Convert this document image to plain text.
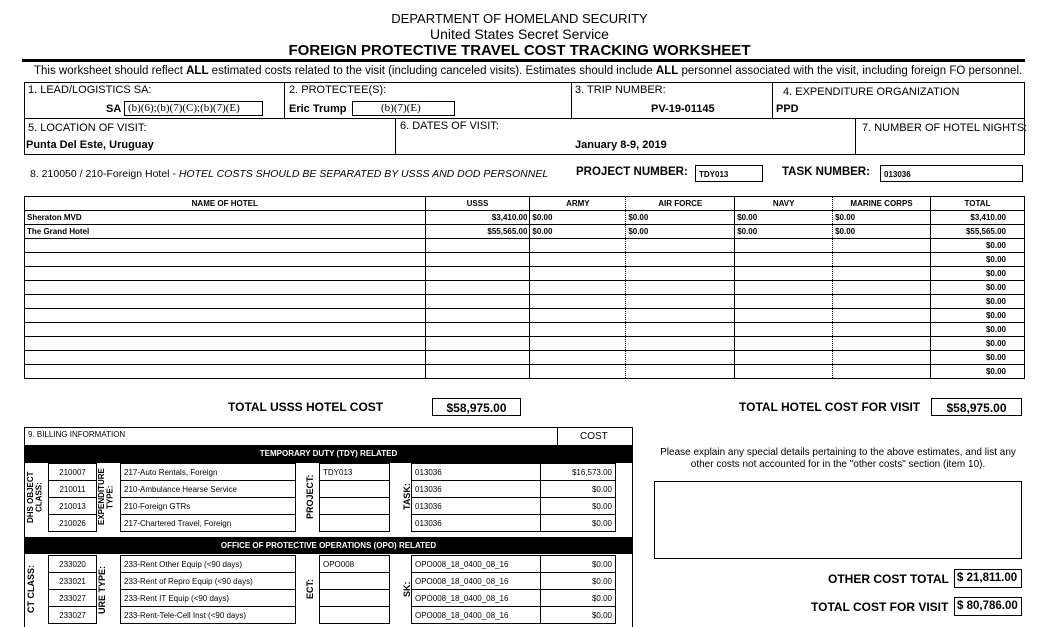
DEPARTMENT OF HOMELAND SECURITY
United States Secret Service
FOREIGN PROTECTIVE TRAVEL COST TRACKING WORKSHEET
This worksheet should reflect ALL estimated costs related to the visit (including canceled visits). Estimates should include ALL personnel associated with the visit, including foreign FO personnel.
1. LEAD/LOGISTICS SA:
SA (b)(6);(b)(7)(C);(b)(7)(E)
2. PROTECTEE(S):
Eric Trump	(b)(7)(E)
3. TRIP NUMBER:
PV-19-01145
4. EXPENDITURE ORGANIZATION
PPD
5. LOCATION OF VISIT:
Punta Del Este, Uruguay
6. DATES OF VISIT:
January 8-9, 2019
7. NUMBER OF HOTEL NIGHTS:
8. 210050 / 210-Foreign Hotel - HOTEL COSTS SHOULD BE SEPARATED BY USSS AND DOD PERSONNEL PROJECT NUMBER:	TDY013	TASK NUMBER:	013036
NAME OF HOTEL	USSS	ARMY	AIR FORCE	NAVY	MARINE CORPS	TOTAL
Sheraton MVD	$3,410.00	$0.00	$0.00	$0.00	$0.00	$3,410.00
The Grand Hotel	$55,565.00	$0.00	$0.00	$0.00	$0.00	$55,565.00
						$0.00
						$0.00
						$0.00
						$0.00
						$0.00
						$0.00
						$0.00
						$0.00
						$0.00
						$0.00
TOTAL USSS HOTEL COST	$58,975.00	TOTAL HOTEL COST FOR VISIT	$58,975.00
9. BILLING INFORMATION	COST
TEMPORARY DUTY (TDY) RELATED
DHS OBJECT CLASS:	EXPENDITURE TYPE:	PROJECT:	TASK:
210007		217-Auto Rentals, Foreign		TDY013		013036	$16,573.00
210011		210-Ambulance Hearse Service				013036	$0.00
210013		210-Foreign GTRs				013036	$0.00
210026		217-Chartered Travel, Foreign				013036	$0.00
OFFICE OF PROTECTIVE OPERATIONS (OPO) RELATED
CT CLASS:	URE TYPE:	ECT:	SK:
233020		233-Rent Other Equip (<90 days)		OPO008		OPO008_18_0400_08_16	$0.00
233021		233-Rent of Repro Equip (<90 days)				OPO008_18_0400_08_16	$0.00
233027		233-Rent IT Equip (<90 days)				OPO008_18_0400_08_16	$0.00
233027		233-Rent-Tele-Cell Inst (<90 days)				OPO008_18_0400_08_16	$0.00
Please explain any special details pertaining to the above estimates, and list any other costs not accounted for in the "other costs" section (item 10).
OTHER COST TOTAL $ 21,811.00
TOTAL COST FOR VISIT $ 80,786.00
